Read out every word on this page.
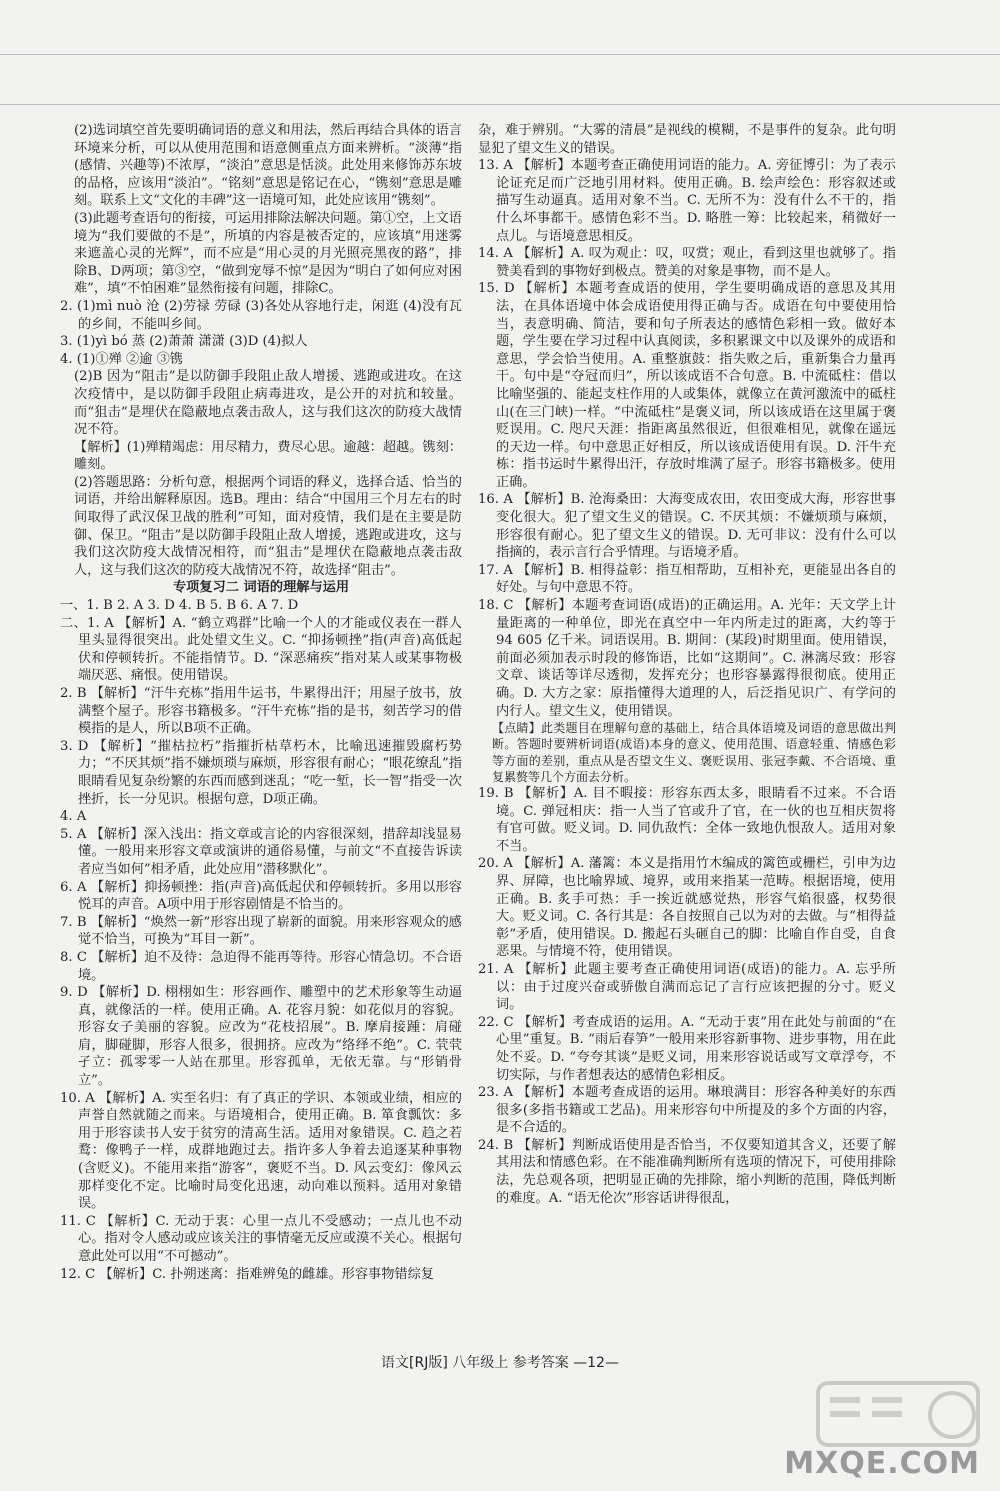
(2)选词填空首先要明确词语的意义和用法，然后再结合具体的语言环境来分析，可以从使用范围和语意侧重点方面来辨析。“淡薄”指(感情、兴趣等)不浓厚，“淡泊”意思是恬淡。此处用来修饰苏东坡的品格，应该用“淡泊”。“铭刻”意思是铭记在心，“镌刻”意思是雕刻。联系上文“文化的丰碑”这一语境可知，此处应该用“镌刻”。

(3)此题考查语句的衔接，可运用排除法解决问题。第①空，上文语境为“我们要做的不是”，所填的内容是被否定的，应该填“用迷雾来遮盖心灵的光辉”，而不应是“用心灵的月光照亮黑夜的路”，排除B、D两项；第③空，“做到宠辱不惊”是因为“明白了如何应对困难”，填“不怕困难”显然衔接有问题，排除C。

2. (1)mì nuò 沧 (2)劳禄 劳碌 (3)各处从容地行走，闲逛 (4)没有瓦的乡间，不能叫乡间。

3. (1)yì bó 蒸 (2)萧萧 潇潇 (3)D (4)拟人

4. (1)①殚 ②逾 ③镌

(2)B 因为“阻击”是以防御手段阻止敌人增援、逃跑或进攻。在这次疫情中，是以防御手段阻止病毒进攻，是公开的对抗和较量。而“狙击”是埋伏在隐蔽地点袭击敌人，这与我们这次的防疫大战情况不符。

【解析】(1)殚精竭虑：用尽精力，费尽心思。逾越：超越。镌刻：雕刻。

(2)答题思路：分析句意，根据两个词语的释义，选择合适、恰当的词语，并给出解释原因。选B。理由：结合“中国用三个月左右的时间取得了武汉保卫战的胜利”可知，面对疫情，我们是在主要是防御、保卫。“阻击”是以防御手段阻止敌人增援，逃跑或进攻，这与我们这次防疫大战情况相符，而“狙击”是埋伏在隐蔽地点袭击敌人，这与我们这次的防疫大战情况不符，故选择“阻击”。

专项复习二 词语的理解与运用

一、1. B 2. A 3. D 4. B 5. B 6. A 7. D

二、1. A 【解析】A. “鹤立鸡群”比喻一个人的才能或仪表在一群人里头显得很突出。此处望文生义。C. “抑扬顿挫”指(声音)高低起伏和停顿转折。不能指情节。D. “深恶痛疾”指对某人或某事物极端厌恶、痛恨。使用错误。

2. B 【解析】“汗牛充栋”指用牛运书，牛累得出汗；用屋子放书，放满整个屋子。形容书籍极多。“汗牛充栋”指的是书，刻苦学习的借模指的是人，所以B项不正确。

3. D 【解析】“摧枯拉朽”指摧折枯草朽木，比喻迅速摧毁腐朽势力；“不厌其烦”指不嫌烦琐与麻烦，形容很有耐心；“眼花缭乱”指眼睛看见复杂纷繁的东西而感到迷乱；“吃一堑，长一智”指受一次挫折，长一分见识。根据句意，D项正确。

4. A

5. A 【解析】深入浅出：指文章或言论的内容很深刻，措辞却浅显易懂。一般用来形容文章或演讲的通俗易懂，与前文“不直接告诉读者应当如何”相矛盾，此处应用“潜移默化”。

6. A 【解析】抑扬顿挫：指(声音)高低起伏和停顿转折。多用以形容悦耳的声音。A项中用于形容剧情是不恰当的。

7. B 【解析】“焕然一新”形容出现了崭新的面貌。用来形容观众的感觉不恰当，可换为“耳目一新”。

8. C 【解析】迫不及待：急迫得不能再等待。形容心情急切。不合语境。

9. D 【解析】D. 栩栩如生：形容画作、雕塑中的艺术形象等生动逼真，就像活的一样。使用正确。A. 花容月貌：如花似月的容貌。形容女子美丽的容貌。应改为“花枝招展”。B. 摩肩接踵：肩碰肩，脚碰脚，形容人很多，很拥挤。应改为“络绎不绝”。C. 茕茕孑立：孤零零一人站在那里。形容孤单，无依无靠。与“形销骨立”。

10. A 【解析】A. 实至名归：有了真正的学识、本领或业绩，相应的声誉自然就随之而来。与语境相合，使用正确。B. 箪食瓢饮：多用于形容读书人安于贫穷的清高生活。适用对象错误。C. 趋之若鹜：像鸭子一样，成群地跑过去。指许多人争着去追逐某种事物(含贬义)。不能用来指“游客”，褒贬不当。D. 风云变幻：像风云那样变化不定。比喻时局变化迅速，动向难以预料。适用对象错误。

11. C 【解析】C. 无动于衷：心里一点儿不受感动；一点儿也不动心。指对令人感动或应该关注的事情毫无反应或漠不关心。根据句意此处可以用“不可撼动”。

12. C 【解析】C. 扑朔迷离：指难辨兔的雌雄。形容事物错综复

杂，难于辨别。“大雾的清晨”是视线的模糊，不是事件的复杂。此句明显犯了望文生义的错误。

13. A 【解析】本题考查正确使用词语的能力。A. 旁征博引：为了表示论证充足而广泛地引用材料。使用正确。B. 绘声绘色：形容叙述或描写生动逼真。适用对象不当。C. 无所不为：没有什么不干的，指什么坏事都干。感情色彩不当。D. 略胜一筹：比较起来，稍微好一点儿。与语境意思相反。

14. A 【解析】A. 叹为观止：叹，叹赏；观止，看到这里也就够了。指赞美看到的事物好到极点。赞美的对象是事物，而不是人。

15. D 【解析】本题考查成语的使用，学生要明确成语的意思及其用法，在具体语境中体会成语使用得正确与否。成语在句中要使用恰当，表意明确、简洁，要和句子所表达的感情色彩相一致。做好本题，学生要在学习过程中认真阅读，多积累课文中以及课外的成语和意思，学会恰当使用。A. 重整旗鼓：指失败之后，重新集合力量再干。句中是“夺冠而归”，所以该成语不合句意。B. 中流砥柱：借以比喻坚强的、能起支柱作用的人或集体，就像立在黄河激流中的砥柱山(在三门峡)一样。“中流砥柱”是褒义词，所以该成语在这里属于褒贬误用。C. 咫尺天涯：指距离虽然很近，但很难相见，就像在遥远的天边一样。句中意思正好相反，所以该成语使用有误。D. 汗牛充栋：指书运时牛累得出汗，存放时堆满了屋子。形容书籍极多。使用正确。

16. A 【解析】B. 沧海桑田：大海变成农田，农田变成大海，形容世事变化很大。犯了望文生义的错误。C. 不厌其烦：不嫌烦琐与麻烦，形容很有耐心。犯了望文生义的错误。D. 无可非议：没有什么可以指摘的，表示言行合乎情理。与语境矛盾。

17. A 【解析】B. 相得益彰：指互相帮助，互相补充，更能显出各自的好处。与句中意思不符。

18. C 【解析】本题考查词语(成语)的正确运用。A. 光年：天文学上计量距离的一种单位，即光在真空中一年内所走过的距离，大约等于 94 605 亿千米。词语误用。B. 期间：(某段)时期里面。使用错误，前面必须加表示时段的修饰语，比如“这期间”。C. 淋漓尽致：形容文章、谈话等详尽透彻，发挥充分；也形容暴露得很彻底。使用正确。D. 大方之家：原指懂得大道理的人，后泛指见识广、有学问的内行人。望文生义，使用错误。

【点睛】此类题目在理解句意的基础上，结合具体语境及词语的意思做出判断。答题时要辨析词语(成语)本身的意义、使用范围、语意轻重、情感色彩等方面的差别，重点从是否望文生义、褒贬误用、张冠李戴、不合语境、重复累赘等几个方面去分析。

19. B 【解析】A. 目不暇接：形容东西太多，眼睛看不过来。不合语境。C. 弹冠相庆：指一人当了官或升了官，在一伙的也互相庆贺将有官可做。贬义词。D. 同仇敌忾：全体一致地仇恨敌人。适用对象不当。

20. A 【解析】A. 藩篱：本义是指用竹木编成的篱笆或栅栏，引申为边界、屏障，也比喻界域、境界，或用来指某一范畴。根据语境，使用正确。B. 炙手可热：手一挨近就感觉热，形容气焰很盛，权势很大。贬义词。C. 各行其是：各自按照自己以为对的去做。与“相得益彰”矛盾，使用错误。D. 搬起石头砸自己的脚：比喻自作自受，自食恶果。与情境不符，使用错误。

21. A 【解析】此题主要考查正确使用词语(成语)的能力。A. 忘乎所以：由于过度兴奋或骄傲自满而忘记了言行应该把握的分寸。贬义词。

22. C 【解析】考查成语的运用。A. “无动于衷”用在此处与前面的“在心里”重复。B. “雨后春笋”一般用来形容新事物、进步事物，用在此处不妥。D. “夸夸其谈”是贬义词，用来形容说话或写文章浮夸，不切实际，与作者想表达的感情色彩相反。

23. A 【解析】本题考查成语的运用。琳琅满目：形容各种美好的东西很多(多指书籍或工艺品)。用来形容句中所提及的多个方面的内容，是不合适的。

24. B 【解析】判断成语使用是否恰当，不仅要知道其含义，还要了解其用法和情感色彩。在不能准确判断所有选项的情况下，可使用排除法，先总观各项，把明显正确的先排除，缩小判断的范围，降低判断的难度。A. “语无伦次”形容话讲得很乱，

语文[RJ版] 八年级上 参考答案 —12—
MXQE.COM
